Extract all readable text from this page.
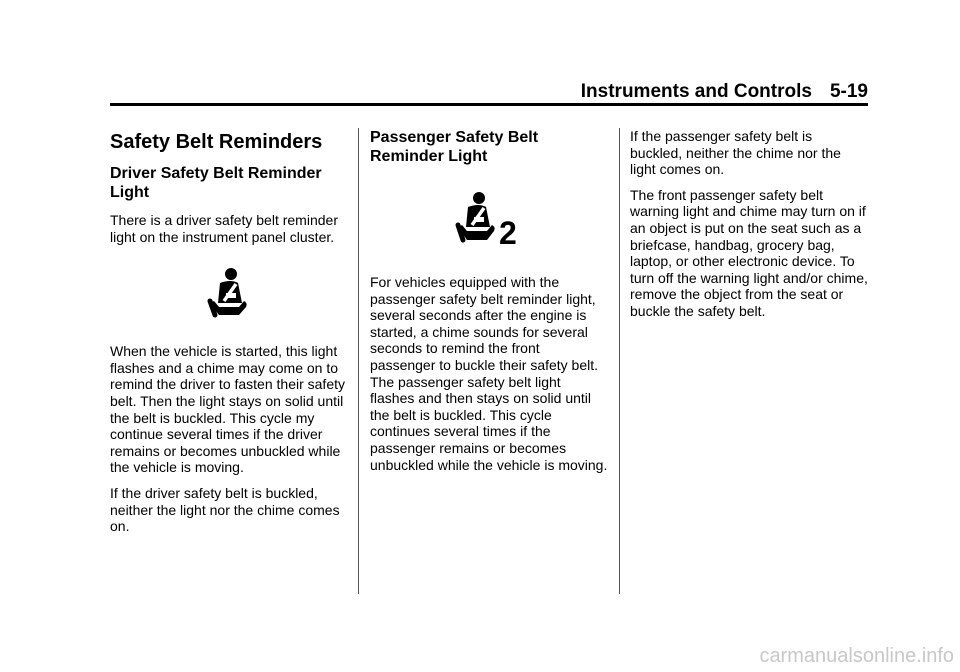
Instruments and Controls 5-19
Safety Belt Reminders
Driver Safety Belt Reminder Light

There is a driver safety belt reminder light on the instrument panel cluster.

When the vehicle is started, this light flashes and a chime may come on to remind the driver to fasten their safety belt. Then the light stays on solid until the belt is buckled. This cycle my continue several times if the driver remains or becomes unbuckled while the vehicle is moving.

If the driver safety belt is buckled, neither the light nor the chime comes on.

Passenger Safety Belt Reminder Light
2

For vehicles equipped with the passenger safety belt reminder light, several seconds after the engine is started, a chime sounds for several seconds to remind the front passenger to buckle their safety belt. The passenger safety belt light flashes and then stays on solid until the belt is buckled. This cycle continues several times if the passenger remains or becomes unbuckled while the vehicle is moving.

If the passenger safety belt is buckled, neither the chime nor the light comes on.

The front passenger safety belt warning light and chime may turn on if an object is put on the seat such as a briefcase, handbag, grocery bag, laptop, or other electronic device. To turn off the warning light and/or chime, remove the object from the seat or buckle the safety belt.

carmanualsonline.info
